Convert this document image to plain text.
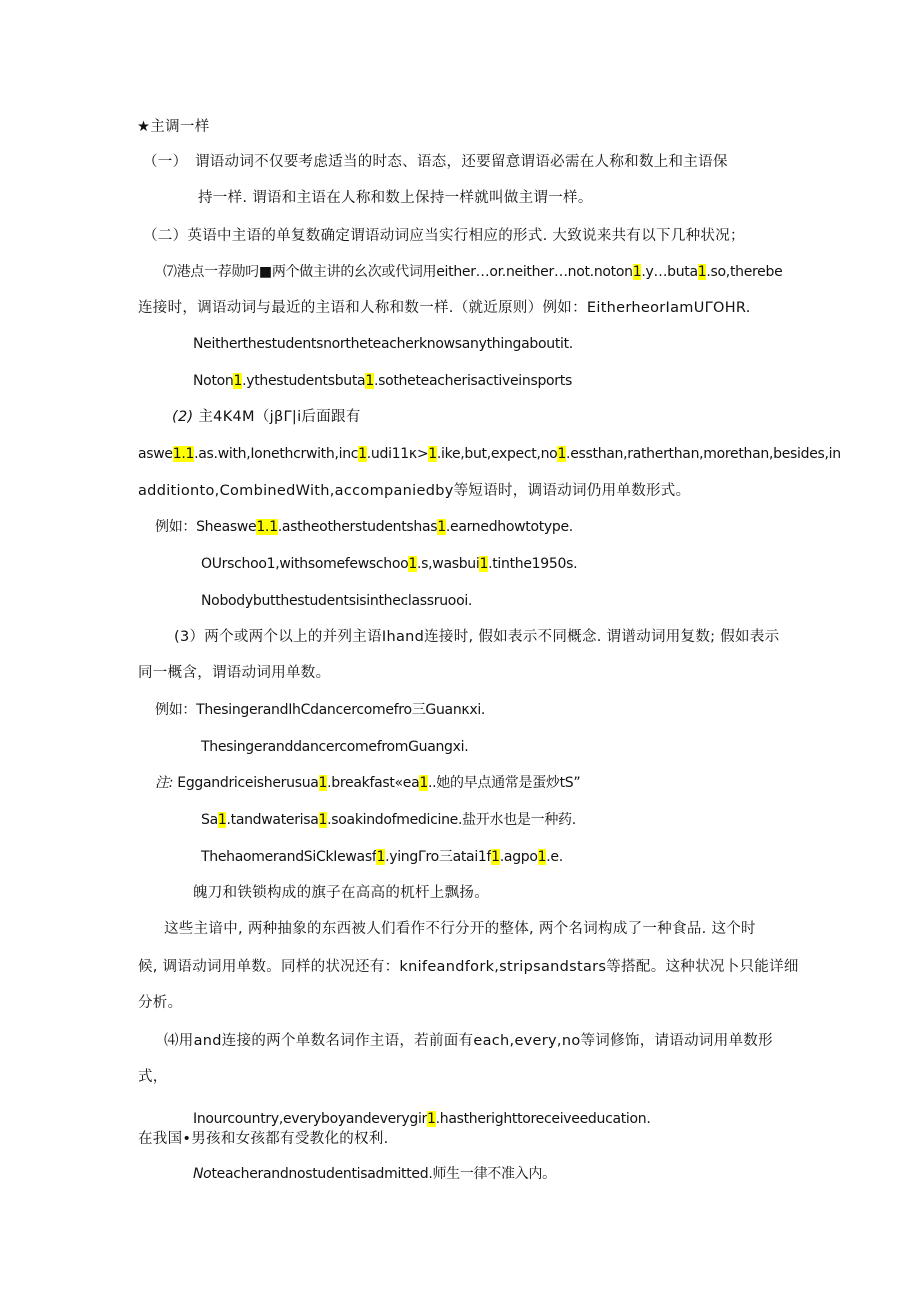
★主调一样
（一）　谓语动词不仅要考虑适当的时态、语态，还要留意谓语必需在人称和数上和主语保
持一样. 谓语和主语在人称和数上保持一样就叫做主谓一样。
（二）英语中主语的单复数确定谓语动词应当实行相应的形式. 大致说来共有以下几种状况；
⑺港点一荐勋叼■两个做主讲的幺次或代词用either…or.neither…not.noton1.y…buta1.so,therebe
连接时，调语动词与最近的主语和人称和数一样.（就近原则）例如：EitherheorIamUΓOHR.
Neitherthestudentsnortheteacherknowsanythingaboutit.
Noton1.ythestudentsbuta1.sotheteacherisactiveinsports
(2) 主4K4M（jβΓ|i后面跟有
aswe1.1.as.with,Ionethcrwith,inc1.udi11κ>1.ike,but,expect,no1.essthan,ratherthan,morethan,besides,in
additionto,CombinedWith,accompaniedby等短语时，调语动词仍用单数形式。
例如：Sheaswe1.1.astheotherstudentshas1.earnedhowtotype.
OUrschoo1,withsomefewschoo1.s,wasbui1.tinthe1950s.
Nobodybutthestudentsisintheclassruooi.
(3）两个或两个以上的并列主语Ihand连接时, 假如表示不同概念. 谓谱动词用复数; 假如表示
同一概含，谓语动词用单数。
例如：ThesingerandIhCdancercomefro三Guanκxi.
ThesingeranddancercomefromGuangxi.
注: Eggandriceisherusua1.breakfast«ea1..她的早点通常是蛋炒tS”
Sa1.tandwaterisa1.soakindofmedicine.盐开水也是一种药.
ThehaomerandSiCkIewasf1.yingΓro三atai1f1.agpo1.e.
魄刀和铁锁构成的旗子在高高的杌杆上飘扬。
这些主谙中, 两种抽象的东西被人们看作不行分开的整体, 两个名词构成了一种食品. 这个时
候, 调语动词用单数。同样的状况还有：knifeandfork,stripsandstars等搭配。这种状况卜只能详细
分析。
⑷用and连接的两个单数名词作主语，若前面有each,every,no等词修饰，请语动词用单数形
式，
Inourcountry,everyboyandeverygir1.hastherighttoreceiveeducation.
在我国•男孩和女孩都有受教化的权利.
Noteacherandnostudentisadmitted.师生一律不准入内。
